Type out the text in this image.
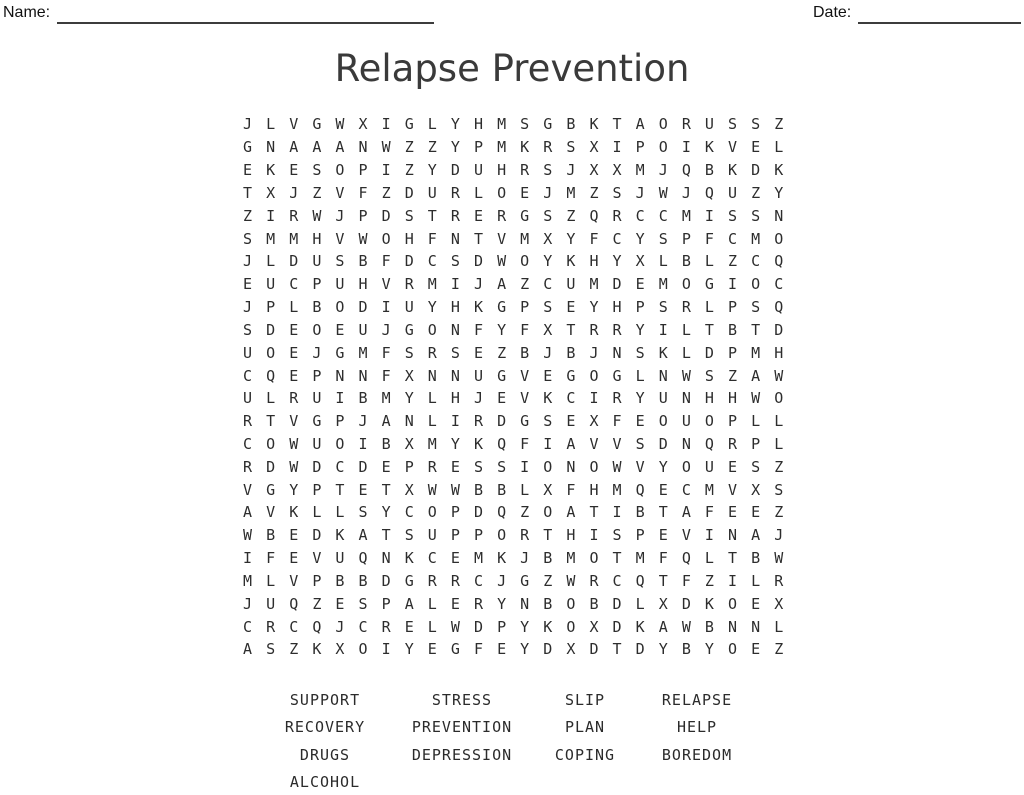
Name:	Date:
Relapse Prevention
J L V G W X I G L Y H M S G B K T A O R U S S Z
G N A A A N W Z Z Y P M K R S X I P O I K V E L
E K E S O P I Z Y D U H R S J X X M J Q B K D K
T X J Z V F Z D U R L O E J M Z S J W J Q U Z Y
Z I R W J P D S T R E R G S Z Q R C C M I S S N
S M M H V W O H F N T V M X Y F C Y S P F C M O
J L D U S B F D C S D W O Y K H Y X L B L Z C Q
E U C P U H V R M I J A Z C U M D E M O G I O C
J P L B O D I U Y H K G P S E Y H P S R L P S Q
S D E O E U J G O N F Y F X T R R Y I L T B T D
U O E J G M F S R S E Z B J B J N S K L D P M H
C Q E P N N F X N N U G V E G O G L N W S Z A W
U L R U I B M Y L H J E V K C I R Y U N H H W O
R T V G P J A N L I R D G S E X F E O U O P L L
C O W U O I B X M Y K Q F I A V V S D N Q R P L
R D W D C D E P R E S S I O N O W V Y O U E S Z
V G Y P T E T X W W B B L X F H M Q E C M V X S
A V K L L S Y C O P D Q Z O A T I B T A F E E Z
W B E D K A T S U P P O R T H I S P E V I N A J
I F E V U Q N K C E M K J B M O T M F Q L T B W
M L V P B B D G R R C J G Z W R C Q T F Z I L R
J U Q Z E S P A L E R Y N B O B D L X D K O E X
C R C Q J C R E L W D P Y K O X D K A W B N N L
A S Z K X O I Y E G F E Y D X D T D Y B Y O E Z
SUPPORT
RECOVERY
DRUGS
ALCOHOL
STRESS
PREVENTION
DEPRESSION
SLIP
PLAN
COPING
RELAPSE
HELP
BOREDOM
